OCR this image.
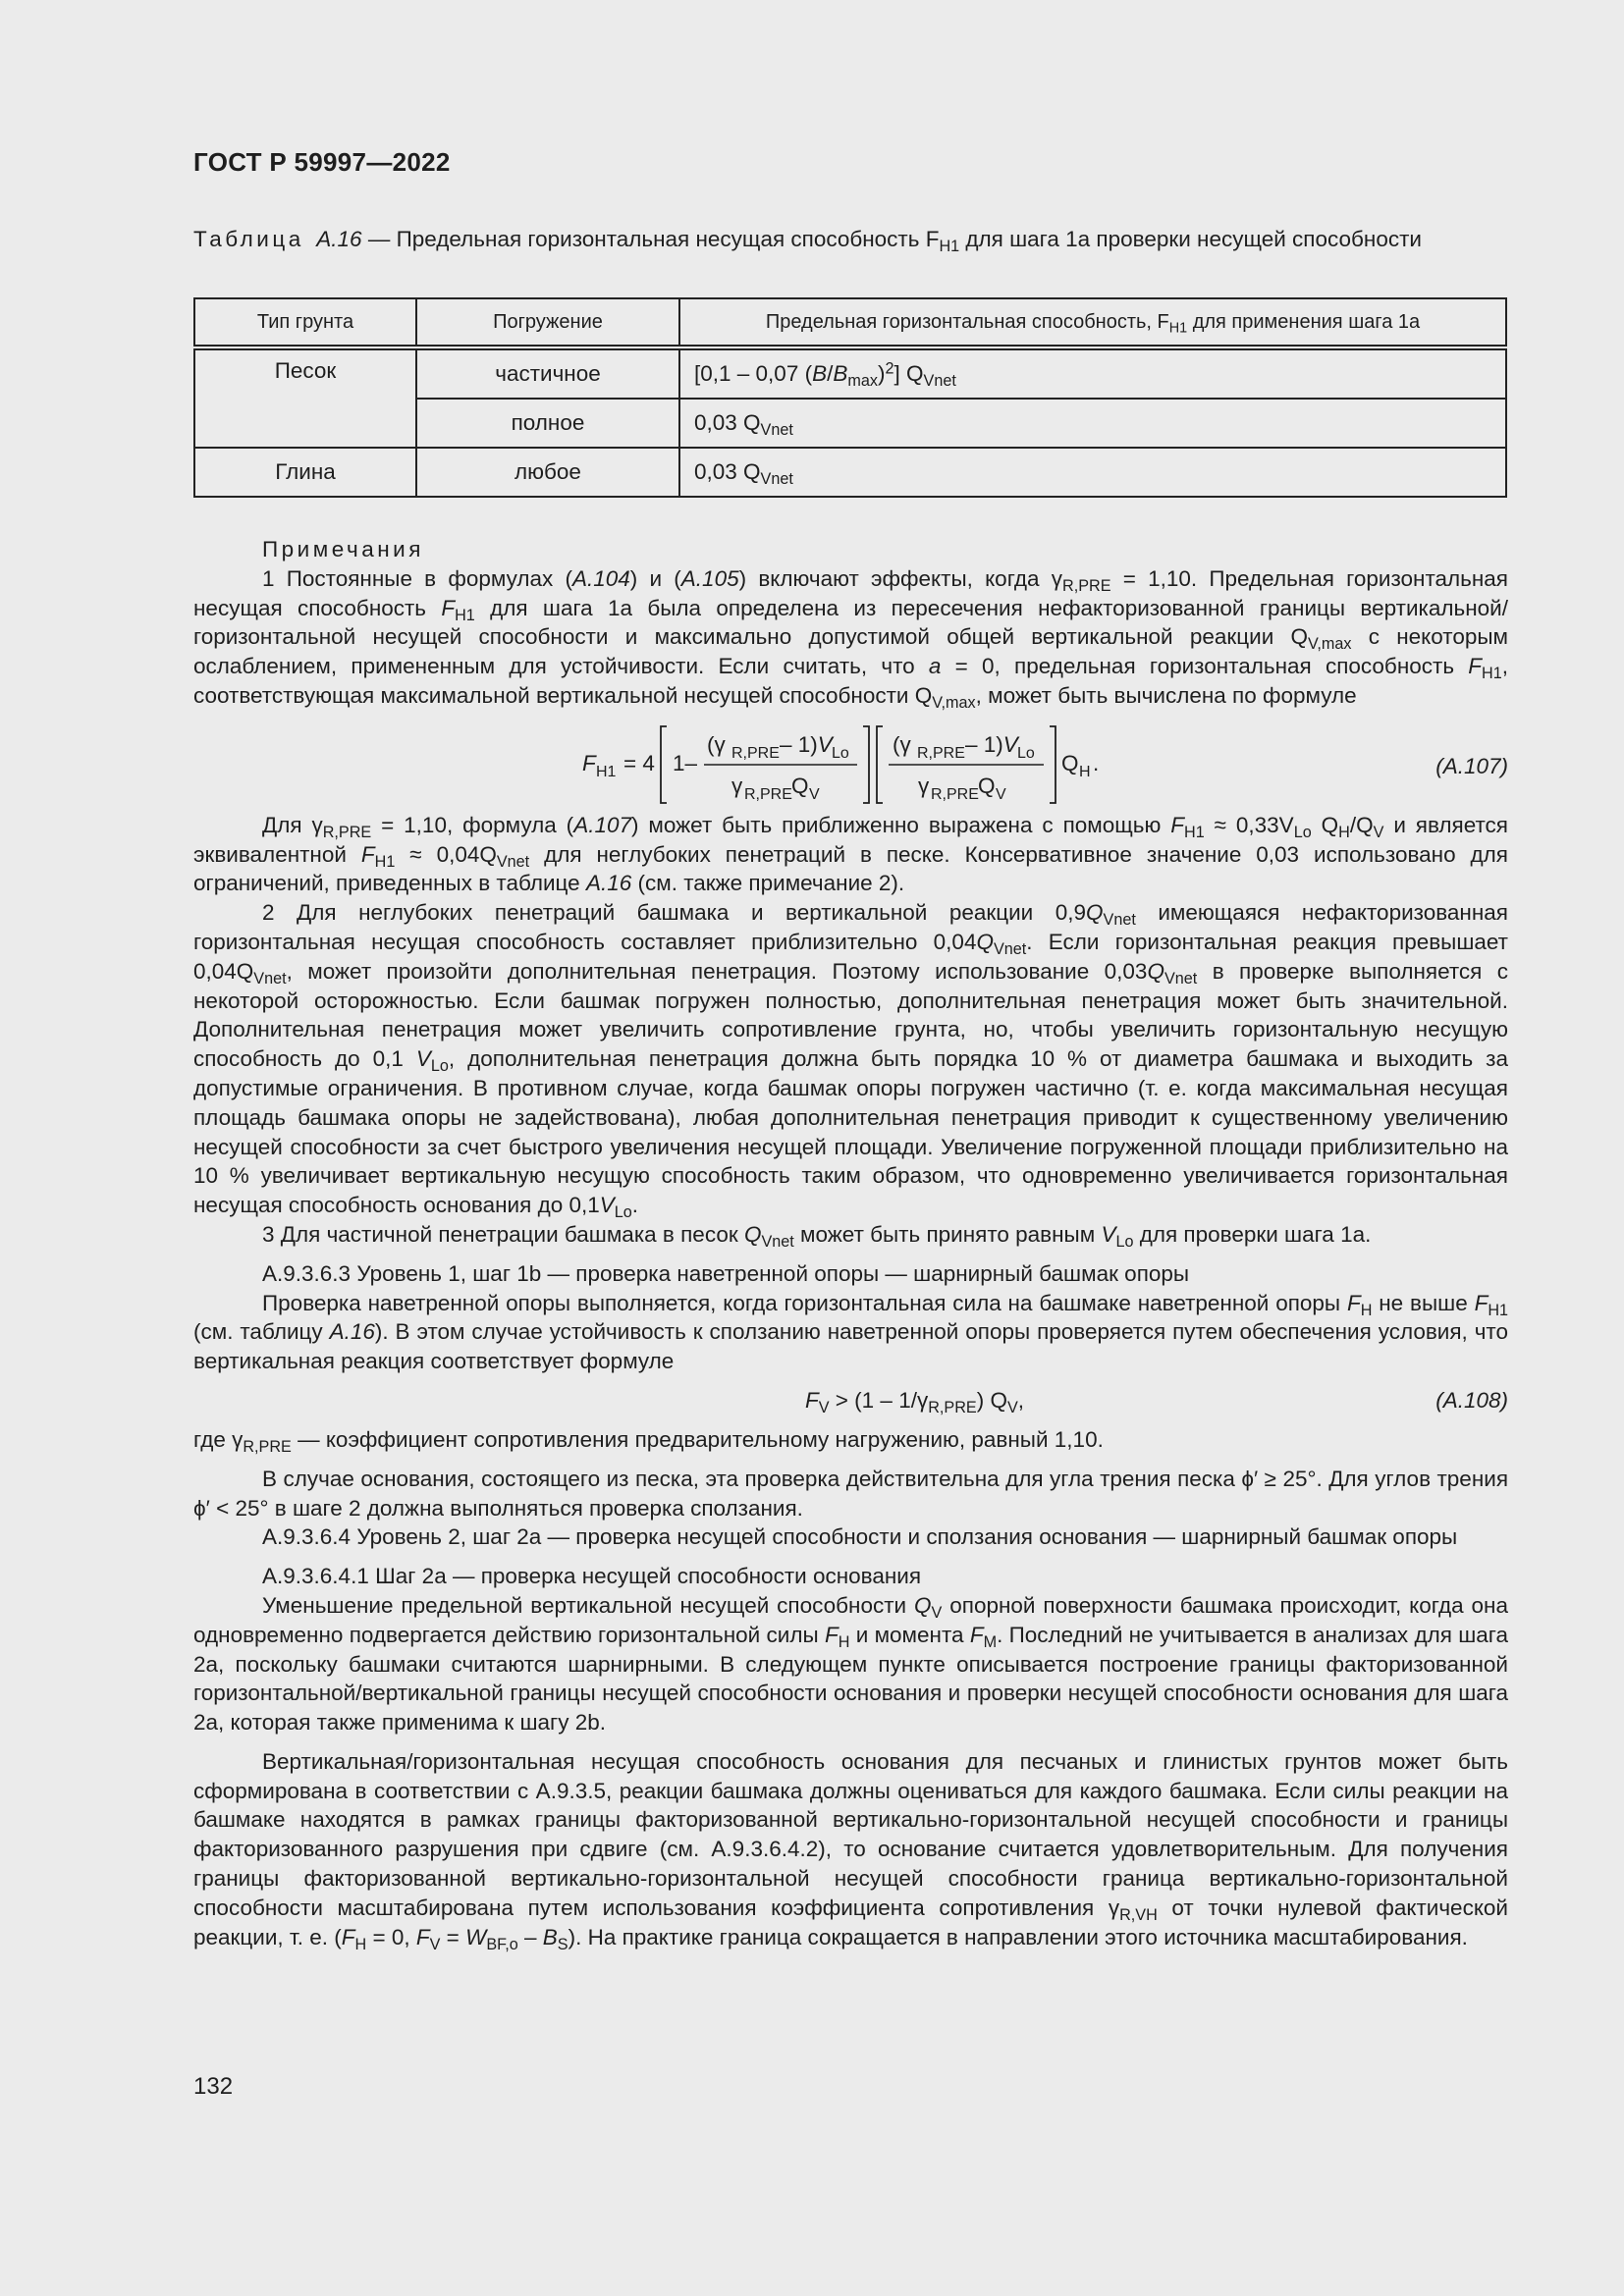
ГОСТ Р 59997—2022
Таблица А.16 — Предельная горизонтальная несущая способность $F_{H1}$ для шага 1а проверки несущей способности
Тип грунта	Погружение	Предельная горизонтальная способность, $F_{H1}$ для применения шага 1а
Песок	частичное	[0,1 – 0,07 $(B/B_{max})^2$] $Q_{Vnet}$
	полное	0,03 $Q_{Vnet}$
Глина	любое	0,03 $Q_{Vnet}$

Примечания

1 Постоянные в формулах (A.104) и (A.105) включают эффекты, когда $\gamma_{R,PRE} = 1,10$. Предельная горизонтальная несущая способность $F_{H1}$ для шага 1а была определена из пересечения нефакторизованной границы вертикальной/горизонтальной несущей способности и максимально допустимой общей вертикальной реакции $Q_{V,max}$ с некоторым ослаблением, примененным для устойчивости. Если считать, что a = 0, предельная горизонтальная способность $F_{H1}$, соответствующая максимальной вертикальной несущей способности $Q_{V,max}$, может быть вычислена по формуле

F H1 = 4 1–
(γ R,PRE – 1)V Lo
γ R,PRE Q V
(γ R,PRE – 1)V Lo
γ R,PRE Q V
Q H .	(A.107)

Для $\gamma_{R,PRE} = 1,10$, формула (A.107) может быть приближенно выражена с помощью $F_{H1} \approx 0,33V_{Lo}$ $Q_H/Q_V$ и является эквивалентной $F_{H1} \approx 0,04Q_{Vnet}$ для неглубоких пенетраций в песке. Консервативное значение 0,03 использовано для ограничений, приведенных в таблице A.16 (см. также примечание 2).

2 Для неглубоких пенетраций башмака и вертикальной реакции $0,9Q_{Vnet}$ имеющаяся нефакторизованная горизонтальная несущая способность составляет приблизительно $0,04Q_{Vnet}$. Если горизонтальная реакция превышает $0,04Q_{Vnet}$, может произойти дополнительная пенетрация. Поэтому использование $0,03Q_{Vnet}$ в проверке выполняется с некоторой осторожностью. Если башмак погружен полностью, дополнительная пенетрация может быть значительной. Дополнительная пенетрация может увеличить сопротивление грунта, но, чтобы увеличить горизонтальную несущую способность до 0,1 $V_{Lo}$, дополнительная пенетрация должна быть порядка 10 % от диаметра башмака и выходить за допустимые ограничения. В противном случае, когда башмак опоры погружен частично (т. е. когда максимальная несущая площадь башмака опоры не задействована), любая дополнительная пенетрация приводит к существенному увеличению несущей способности за счет быстрого увеличения несущей площади. Увеличение погруженной площади приблизительно на 10 % увеличивает вертикальную несущую способность таким образом, что одновременно увеличивается горизонтальная несущая способность основания до $0,1V_{Lo}$.

3 Для частичной пенетрации башмака в песок $Q_{Vnet}$ может быть принято равным $V_{Lo}$ для проверки шага 1а.

А.9.3.6.3 Уровень 1, шаг 1b — проверка наветренной опоры — шарнирный башмак опоры

Проверка наветренной опоры выполняется, когда горизонтальная сила на башмаке наветренной опоры $F_H$ не выше $F_{H1}$ (см. таблицу A.16). В этом случае устойчивость к сползанию наветренной опоры проверяется путем обеспечения условия, что вертикальная реакция соответствует формуле

$F_V > (1 - 1/\gamma_{R,PRE})$ $Q_V$,	(A.108)

где $\gamma_{R,PRE}$ — коэффициент сопротивления предварительному нагружению, равный 1,10.

В случае основания, состоящего из песка, эта проверка действительна для угла трения песка ϕ′ ≥ 25°. Для углов трения ϕ′ < 25° в шаге 2 должна выполняться проверка сползания.

А.9.3.6.4 Уровень 2, шаг 2а — проверка несущей способности и сползания основания — шарнирный башмак опоры

А.9.3.6.4.1 Шаг 2а — проверка несущей способности основания

Уменьшение предельной вертикальной несущей способности $Q_V$ опорной поверхности башмака происходит, когда она одновременно подвергается действию горизонтальной силы $F_H$ и момента $F_M$. Последний не учитывается в анализах для шага 2а, поскольку башмаки считаются шарнирными. В следующем пункте описывается построение границы факторизованной горизонтальной/вертикальной границы несущей способности основания и проверки несущей способности основания для шага 2а, которая также применима к шагу 2b.

Вертикальная/горизонтальная несущая способность основания для песчаных и глинистых грунтов может быть сформирована в соответствии с А.9.3.5, реакции башмака должны оцениваться для каждого башмака. Если силы реакции на башмаке находятся в рамках границы факторизованной вертикально-горизонтальной несущей способности и границы факторизованного разрушения при сдвиге (см. А.9.3.6.4.2), то основание считается удовлетворительным. Для получения границы факторизованной вертикально-горизонтальной несущей способности граница вертикально-горизонтальной способности масштабирована путем использования коэффициента сопротивления $\gamma_{R,VH}$ от точки нулевой фактической реакции, т. е. ($F_H = 0$, $F_V = W_{BF,o} - B_S$). На практике граница сокращается в направлении этого источника масштабирования.

132
